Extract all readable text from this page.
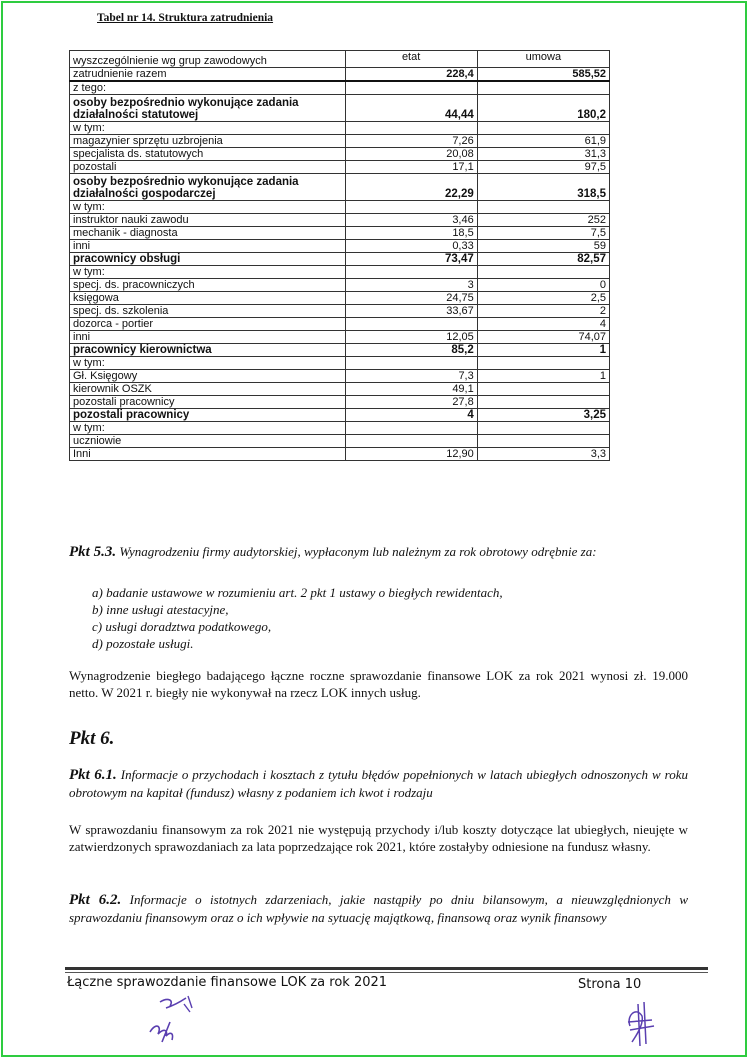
Tabel nr 14. Struktura zatrudnienia
wyszczególnienie wg grup zawodowych	etat	umowa
zatrudnienie razem	228,4	585,52
z tego:		
osoby bezpośrednio wykonujące zadania działalności statutowej	44,44	180,2
w tym:		
magazynier sprzętu uzbrojenia	7,26	61,9
specjalista ds. statutowych	20,08	31,3
pozostali	17,1	97,5
osoby bezpośrednio wykonujące zadania działalności gospodarczej	22,29	318,5
w tym:		
instruktor nauki zawodu	3,46	252
mechanik - diagnosta	18,5	7,5
inni	0,33	59
pracownicy obsługi	73,47	82,57
w tym:		
specj. ds. pracowniczych	3	0
księgowa	24,75	2,5
specj. ds. szkolenia	33,67	2
dozorca - portier		4
inni	12,05	74,07
pracownicy kierownictwa	85,2	1
w tym:		
Gł. Księgowy	7,3	1
kierownik OSZK	49,1	
pozostali pracownicy	27,8	
pozostali pracownicy	4	3,25
w tym:		
uczniowie		
Inni	12,90	3,3
Pkt 5.3. Wynagrodzeniu firmy audytorskiej, wypłaconym lub należnym za rok obrotowy odrębnie za:
a) badanie ustawowe w rozumieniu art. 2 pkt 1 ustawy o biegłych rewidentach,
b) inne usługi atestacyjne,
c) usługi doradztwa podatkowego,
d) pozostałe usługi.
Wynagrodzenie biegłego badającego łączne roczne sprawozdanie finansowe LOK za rok 2021 wynosi zł. 19.000 netto. W 2021 r. biegły nie wykonywał na rzecz LOK innych usług.
Pkt 6.
Pkt 6.1. Informacje o przychodach i kosztach z tytułu błędów popełnionych w latach ubiegłych odnoszonych w roku obrotowym na kapitał (fundusz) własny z podaniem ich kwot i rodzaju
W sprawozdaniu finansowym za rok 2021 nie występują przychody i/lub koszty dotyczące lat ubiegłych, nieujęte w zatwierdzonych sprawozdaniach za lata poprzedzające rok 2021, które zostałyby odniesione na fundusz własny.
Pkt 6.2. Informacje o istotnych zdarzeniach, jakie nastąpiły po dniu bilansowym, a nieuwzględnionych w sprawozdaniu finansowym oraz o ich wpływie na sytuację majątkową, finansową oraz wynik finansowy
Łączne sprawozdanie finansowe LOK za rok 2021	Strona 10
